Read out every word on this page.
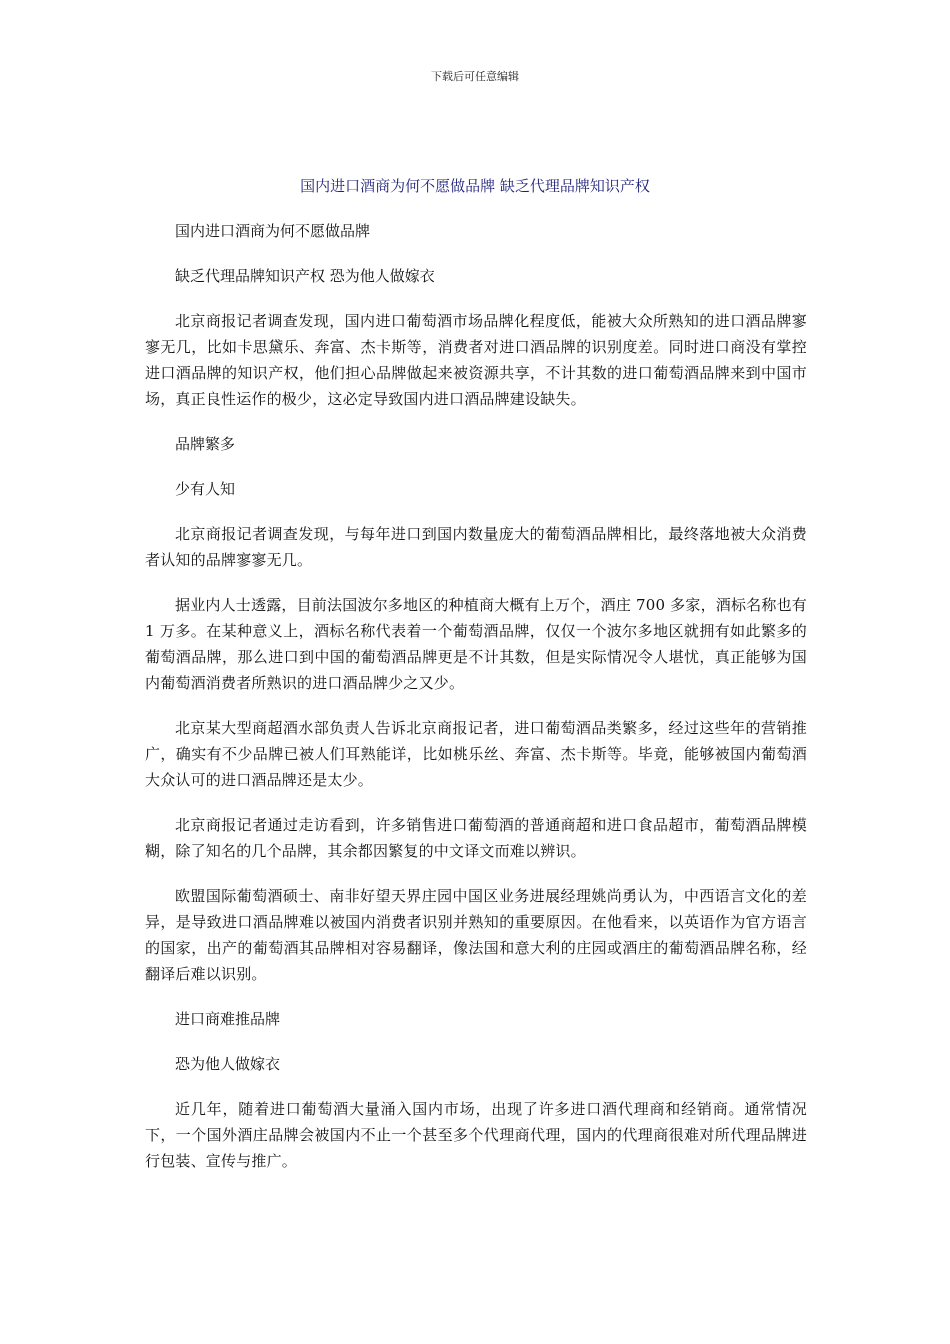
下载后可任意编辑
国内进口酒商为何不愿做品牌 缺乏代理品牌知识产权

国内进口酒商为何不愿做品牌

缺乏代理品牌知识产权 恐为他人做嫁衣

北京商报记者调查发现，国内进口葡萄酒市场品牌化程度低，能被大众所熟知的进口酒品牌寥寥无几，比如卡思黛乐、奔富、杰卡斯等，消费者对进口酒品牌的识别度差。同时进口商没有掌控进口酒品牌的知识产权，他们担心品牌做起来被资源共享，不计其数的进口葡萄酒品牌来到中国市场，真正良性运作的极少，这必定导致国内进口酒品牌建设缺失。

品牌繁多

少有人知

北京商报记者调查发现，与每年进口到国内数量庞大的葡萄酒品牌相比，最终落地被大众消费者认知的品牌寥寥无几。

据业内人士透露，目前法国波尔多地区的种植商大概有上万个，酒庄 700 多家，酒标名称也有 1 万多。在某种意义上，酒标名称代表着一个葡萄酒品牌，仅仅一个波尔多地区就拥有如此繁多的葡萄酒品牌，那么进口到中国的葡萄酒品牌更是不计其数，但是实际情况令人堪忧，真正能够为国内葡萄酒消费者所熟识的进口酒品牌少之又少。

北京某大型商超酒水部负责人告诉北京商报记者，进口葡萄酒品类繁多，经过这些年的营销推广，确实有不少品牌已被人们耳熟能详，比如桃乐丝、奔富、杰卡斯等。毕竟，能够被国内葡萄酒大众认可的进口酒品牌还是太少。

北京商报记者通过走访看到，许多销售进口葡萄酒的普通商超和进口食品超市，葡萄酒品牌模糊，除了知名的几个品牌，其余都因繁复的中文译文而难以辨识。

欧盟国际葡萄酒硕士、南非好望天界庄园中国区业务进展经理姚尚勇认为，中西语言文化的差异，是导致进口酒品牌难以被国内消费者识别并熟知的重要原因。在他看来，以英语作为官方语言的国家，出产的葡萄酒其品牌相对容易翻译，像法国和意大利的庄园或酒庄的葡萄酒品牌名称，经翻译后难以识别。

进口商难推品牌

恐为他人做嫁衣

近几年，随着进口葡萄酒大量涌入国内市场，出现了许多进口酒代理商和经销商。通常情况下，一个国外酒庄品牌会被国内不止一个甚至多个代理商代理，国内的代理商很难对所代理品牌进行包装、宣传与推广。
